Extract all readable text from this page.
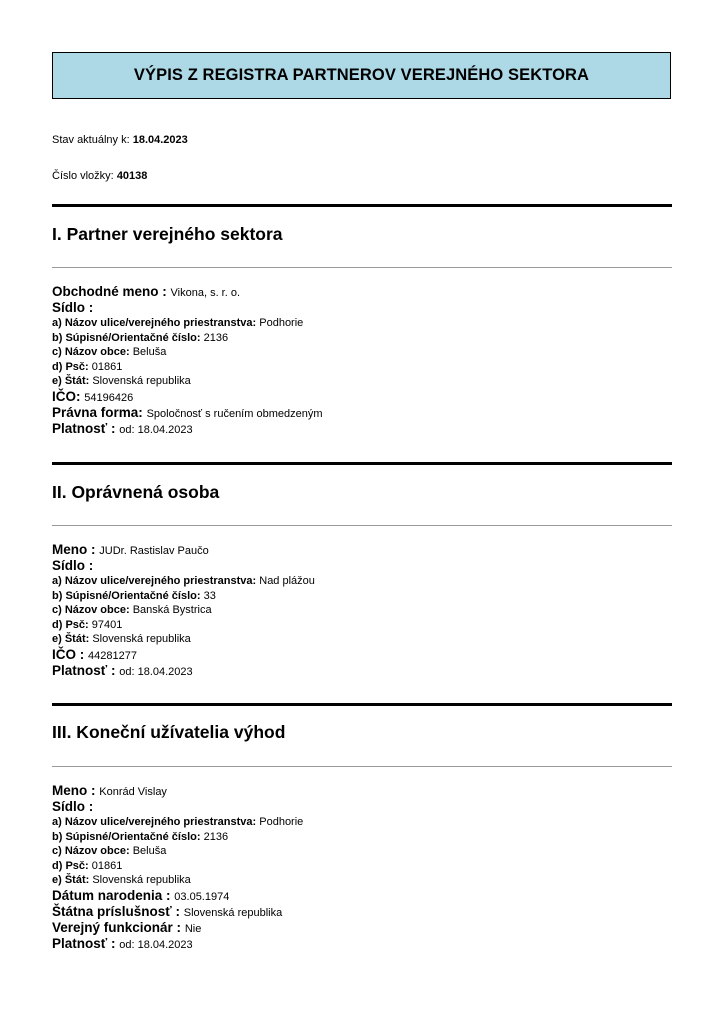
VÝPIS Z REGISTRA PARTNEROV VEREJNÉHO SEKTORA
Stav aktuálny k: 18.04.2023
Číslo vložky: 40138
I. Partner verejného sektora
Obchodné meno : Vikona, s. r. o.
Sídlo :
a) Názov ulice/verejného priestranstva: Podhorie
b) Súpisné/Orientačné číslo: 2136
c) Názov obce: Beluša
d) Psč: 01861
e) Štát: Slovenská republika
IČO: 54196426
Právna forma: Spoločnosť s ručením obmedzeným
Platnosť : od: 18.04.2023
II. Oprávnená osoba
Meno : JUDr. Rastislav Paučo
Sídlo :
a) Názov ulice/verejného priestranstva: Nad plážou
b) Súpisné/Orientačné číslo: 33
c) Názov obce: Banská Bystrica
d) Psč: 97401
e) Štát: Slovenská republika
IČO : 44281277
Platnosť : od: 18.04.2023
III. Koneční užívatelia výhod
Meno : Konrád Vislay
Sídlo :
a) Názov ulice/verejného priestranstva: Podhorie
b) Súpisné/Orientačné číslo: 2136
c) Názov obce: Beluša
d) Psč: 01861
e) Štát: Slovenská republika
Dátum narodenia : 03.05.1974
Štátna príslušnosť : Slovenská republika
Verejný funkcionár : Nie
Platnosť : od: 18.04.2023
